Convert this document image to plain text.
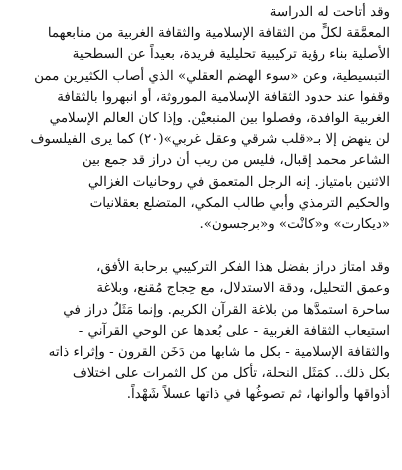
وقد أتاحت له الدراسة
المعمَّقة لكلٍّ من الثقافة الإسلامية والثقافة الغربية من منابعهما
الأصلية بناء رؤية تركيبية تحليلية فريدة، بعيداً عن السطحية
التبسيطية، وعن «سوء الهضم العقلي» الذي أصاب الكثيرين ممن
وقفوا عند حدود الثقافة الإسلامية الموروثة، أو انبهروا بالثقافة
الغربية الوافدة، وفصلوا بين المنبعيْن. وإذا كان العالم الإسلامي
لن ينهض إلا بـ«قلب شرقي وعقل غربي»(٢٠) كما يرى الفيلسوف
الشاعر محمد إقبال، فليس من ريب أن دراز قد جمع بين
الاثنين بامتياز. إنه الرجل المتعمق في روحانيات الغزالي
والحكيم الترمذي وأبي طالب المكي، المتضلع بعقلانيات
«ديكارت» و«كانْت» و«برجسون».

وقد امتاز دراز بفضل هذا الفكر التركيبي برحابة الأفق،
وعمق التحليل، ودقة الاستدلال، مع حِجاج مُقنع، وبلاغة
ساحرة استمدَّها من بلاغة القرآن الكريم. وإنما مَثَلُ دراز في
استيعاب الثقافة الغربية - على بُعدها عن الوحي القرآني -
والثقافة الإسلامية - بكل ما شابها من دَخَن القرون - وإثراء ذاته
بكل ذلك.. كمَثَل النحلة، تأكل من كل الثمرات على اختلاف
أذواقها وألوانها، ثم تصوغُها في ذاتها عسلاً شَهْداً.
